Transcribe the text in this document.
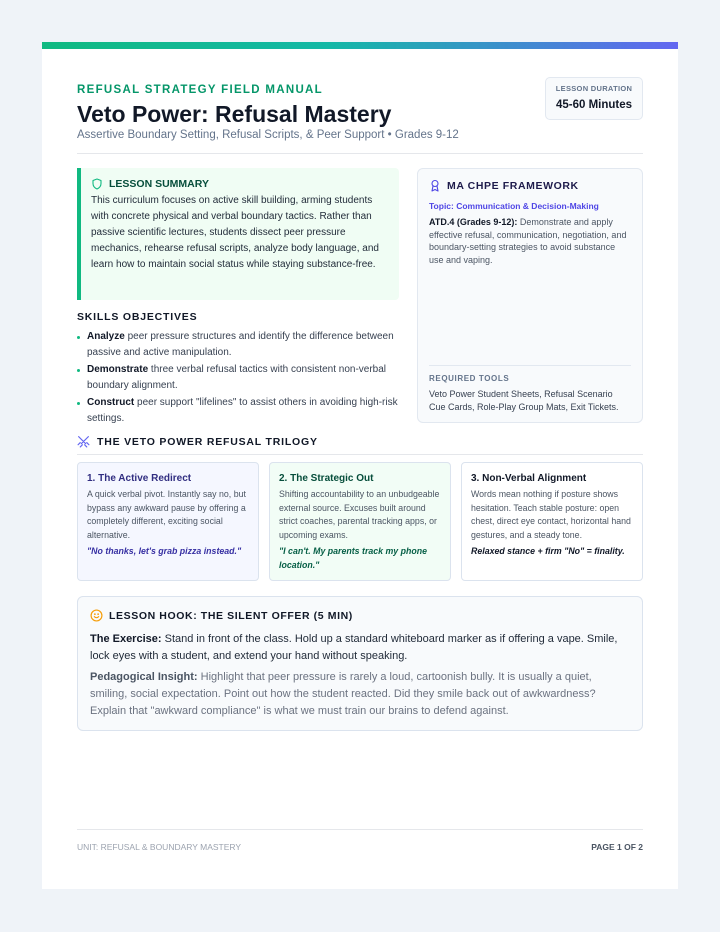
REFUSAL STRATEGY FIELD MANUAL
Veto Power: Refusal Mastery
Assertive Boundary Setting, Refusal Scripts, & Peer Support • Grades 9-12
LESSON DURATION
45-60 Minutes
LESSON SUMMARY
This curriculum focuses on active skill building, arming students with concrete physical and verbal boundary tactics. Rather than passive scientific lectures, students dissect peer pressure mechanics, rehearse refusal scripts, analyze body language, and learn how to maintain social status while staying substance-free.
SKILLS OBJECTIVES
Analyze peer pressure structures and identify the difference between passive and active manipulation.
Demonstrate three verbal refusal tactics with consistent non-verbal boundary alignment.
Construct peer support "lifelines" to assist others in avoiding high-risk settings.
MA CHPE FRAMEWORK
Topic: Communication & Decision-Making
ATD.4 (Grades 9-12): Demonstrate and apply effective refusal, communication, negotiation, and boundary-setting strategies to avoid substance use and vaping.
REQUIRED TOOLS
Veto Power Student Sheets, Refusal Scenario Cue Cards, Role-Play Group Mats, Exit Tickets.
THE VETO POWER REFUSAL TRILOGY
1. The Active Redirect
A quick verbal pivot. Instantly say no, but bypass any awkward pause by offering a completely different, exciting social alternative.
"No thanks, let's grab pizza instead."
2. The Strategic Out
Shifting accountability to an unbudgeable external source. Excuses built around strict coaches, parental tracking apps, or upcoming exams.
"I can't. My parents track my phone location."
3. Non-Verbal Alignment
Words mean nothing if posture shows hesitation. Teach stable posture: open chest, direct eye contact, horizontal hand gestures, and a steady tone.
Relaxed stance + firm "No" = finality.
LESSON HOOK: THE SILENT OFFER (5 MIN)
The Exercise: Stand in front of the class. Hold up a standard whiteboard marker as if offering a vape. Smile, lock eyes with a student, and extend your hand without speaking.
Pedagogical Insight: Highlight that peer pressure is rarely a loud, cartoonish bully. It is usually a quiet, smiling, social expectation. Point out how the student reacted. Did they smile back out of awkwardness? Explain that "awkward compliance" is what we must train our brains to defend against.
UNIT: REFUSAL & BOUNDARY MASTERY	PAGE 1 OF 2
